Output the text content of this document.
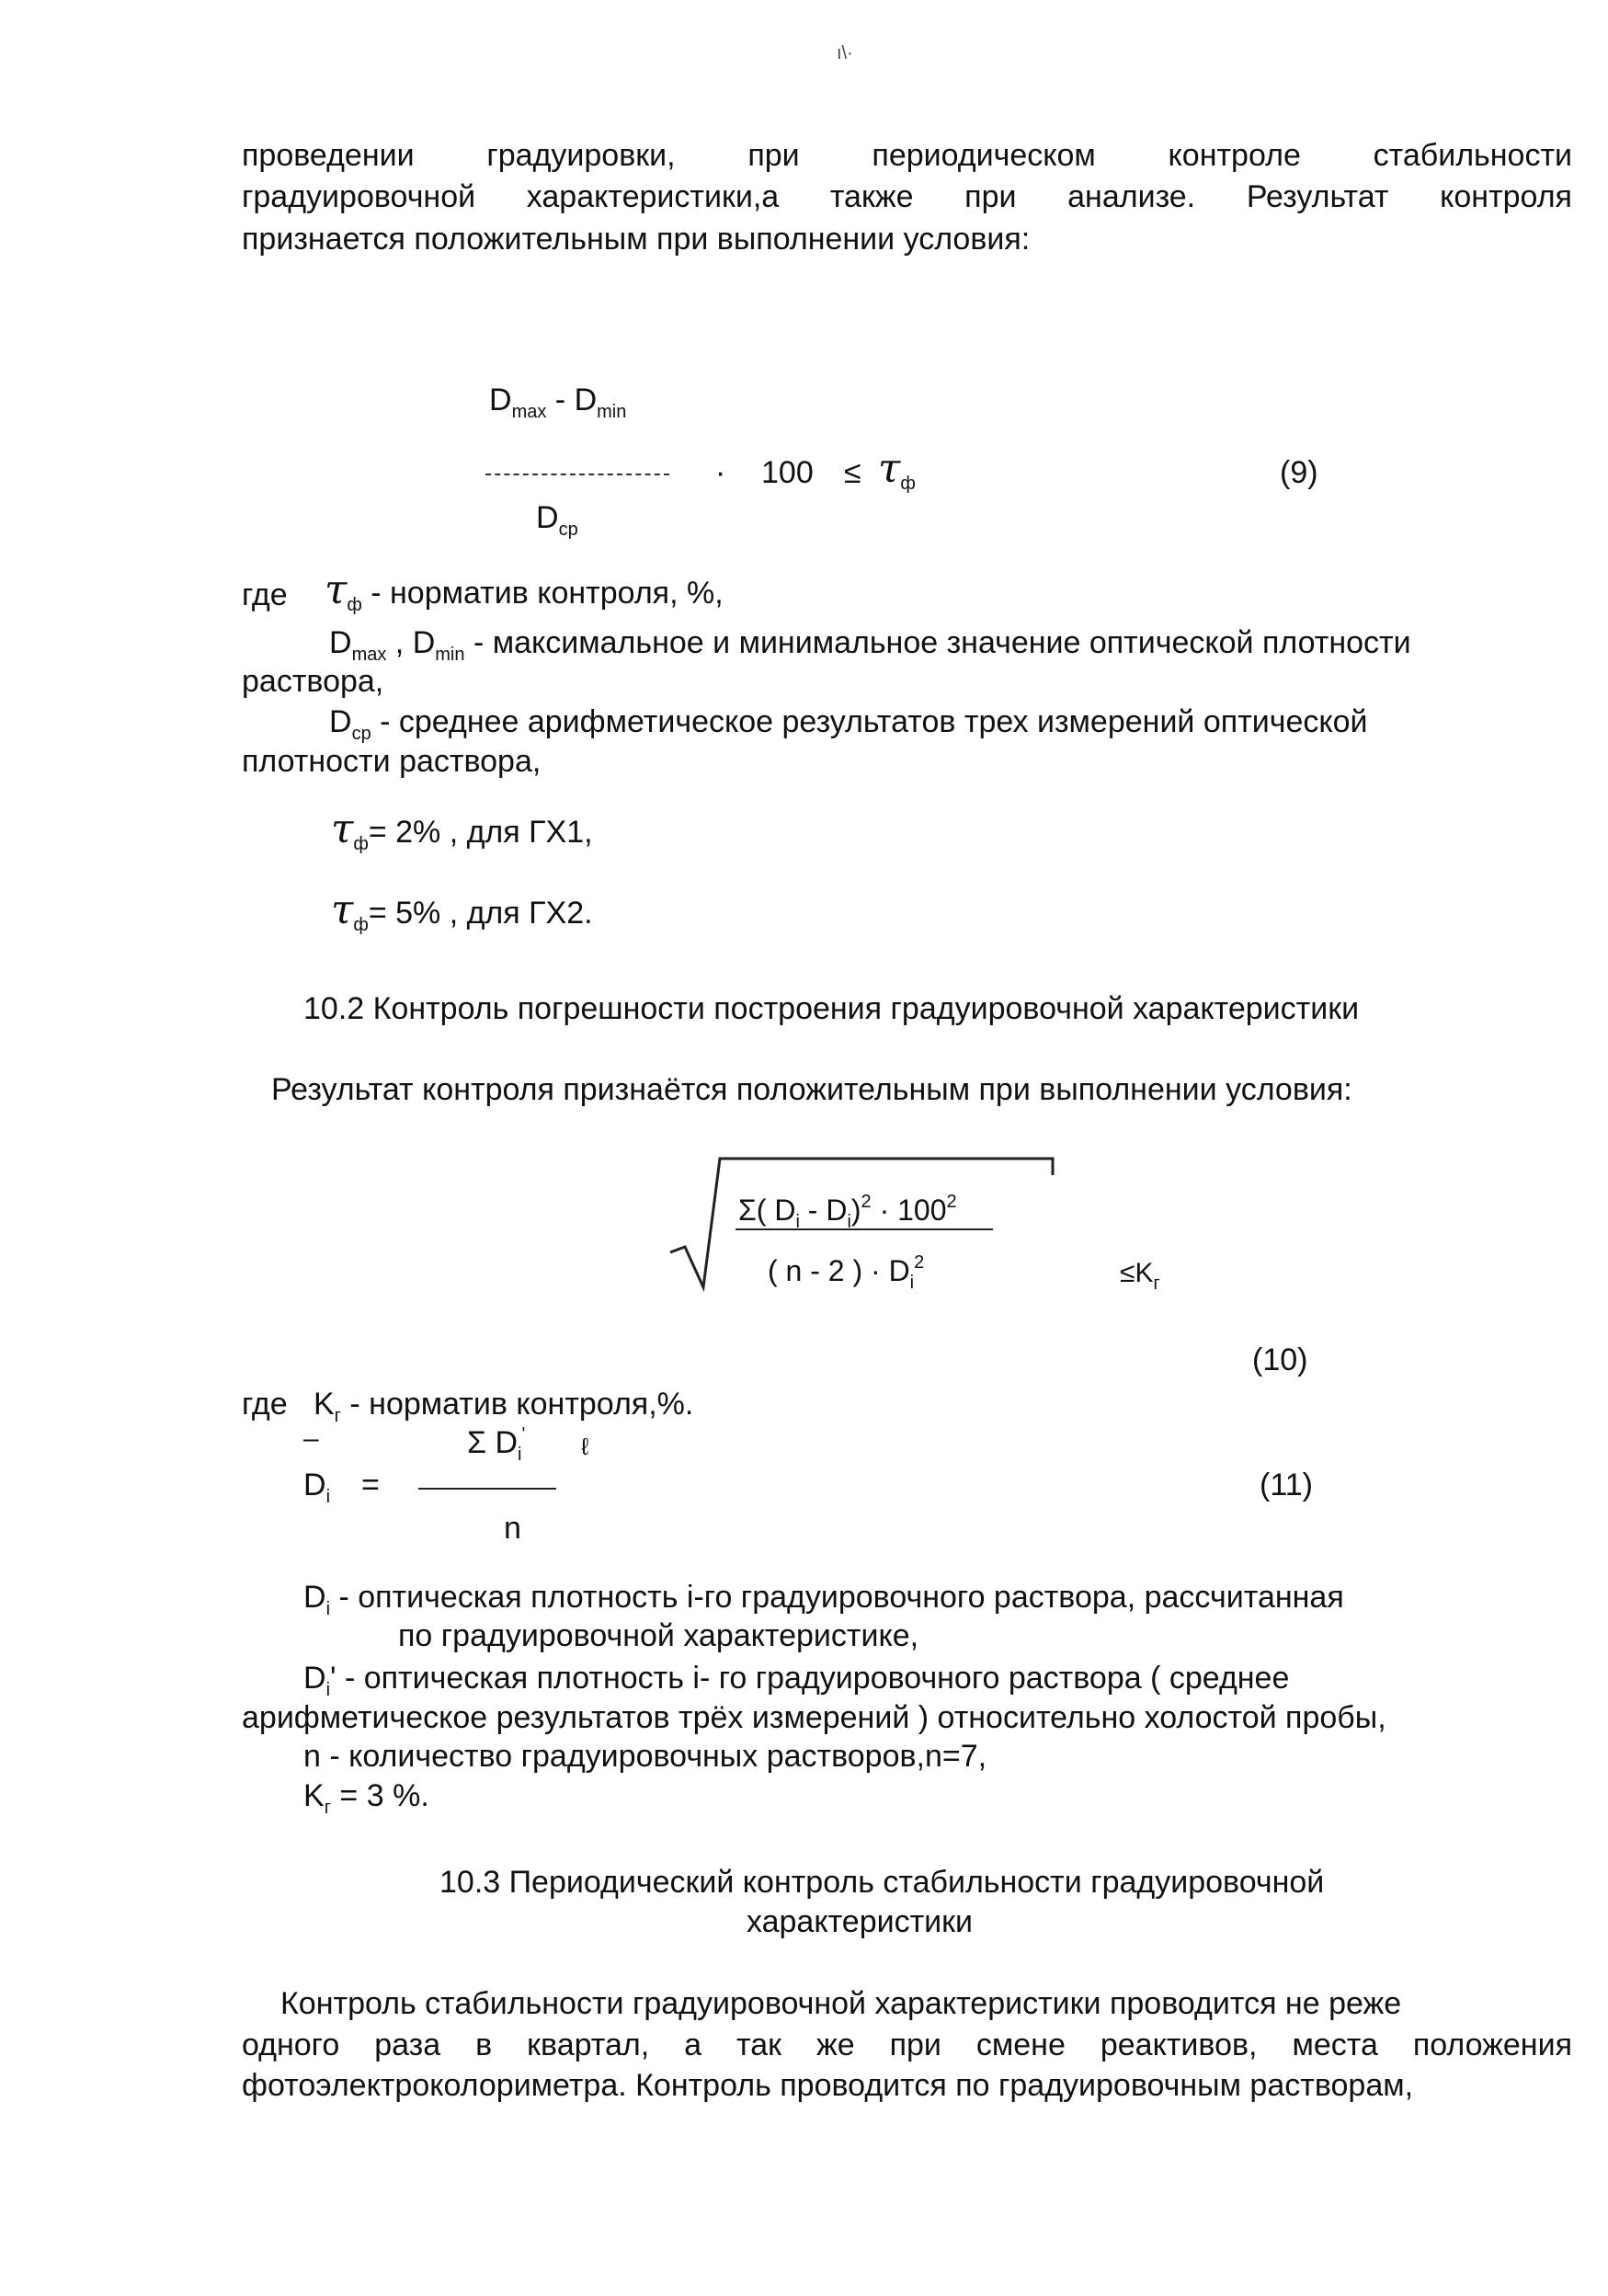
ı\·
проведении градуировки, при периодическом контроле стабильности
градуировочной характеристики,а также при анализе. Результат контроля
признается положительным при выполнении условия:
$D_{max} - D_{min}$
· $100 \le \tau_ф$	(9)
$D_{ср}$
где $\tau_ф$ - норматив контроля, %,
$D_{max}$ , $D_{min}$ - максимальное и минимальное значение оптической плотности
раствора,
$D_{ср}$ - среднее арифметическое результатов трех измерений оптической
плотности раствора,
$\tau_ф= 2\%$ , для ГХ1,
$\tau_ф= 5\%$ , для ГХ2.
10.2 Контроль погрешности построения градуировочной характеристики
Результат контроля признаётся положительным при выполнении условия:
Σ( $D_i - D_i)^2 \cdot 100^2$
( n - 2 ) · $D_i^2$	$\le K_г$
(10)
где $K_г$ - норматив контроля,%.
–
$D_i$ =
Σ $D_i'$ ℓ
n
(11)
$D_i$ - оптическая плотность i-го градуировочного раствора, рассчитанная
по градуировочной характеристике,
$D_i'$ - оптическая плотность і- го градуировочного раствора ( среднее
арифметическое результатов трёх измерений ) относительно холостой пробы,
n - количество градуировочных растворов,n=7,
$K_г = 3$ %.
10.3 Периодический контроль стабильности градуировочной
характеристики
Контроль стабильности градуировочной характеристики проводится не реже
одного раза в квартал, а так же при смене реактивов, места положения
фотоэлектроколориметра. Контроль проводится по градуировочным растворам,
